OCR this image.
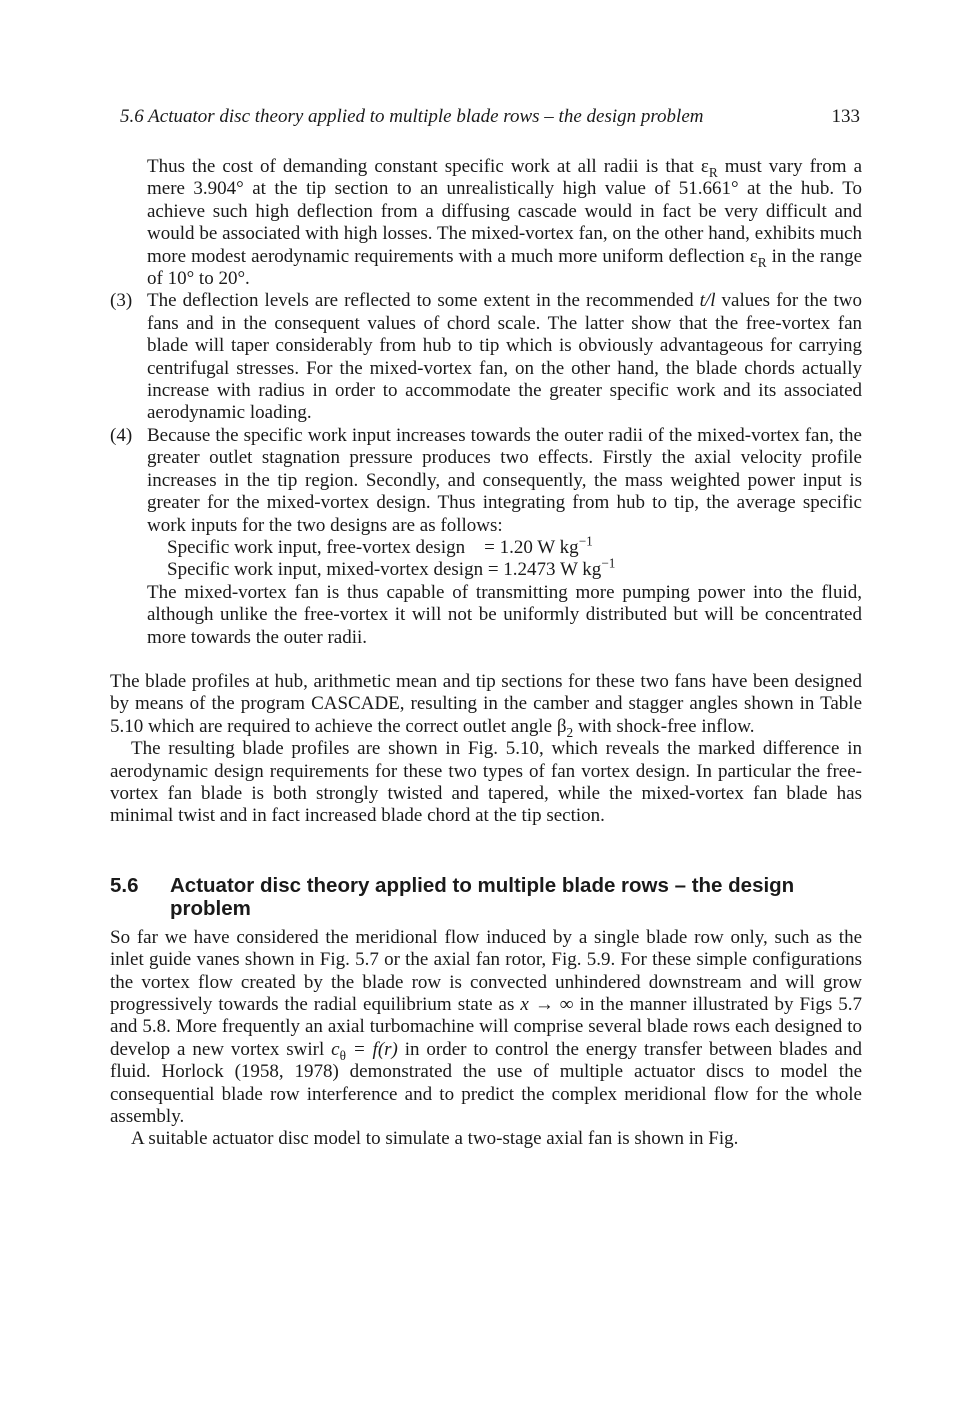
5.6 Actuator disc theory applied to multiple blade rows – the design problem	133

Thus the cost of demanding constant specific work at all radii is that $\varepsilon_R$ must vary from a mere 3.904° at the tip section to an unrealistically high value of 51.661° at the hub. To achieve such high deflection from a diffusing cascade would in fact be very difficult and would be associated with high losses. The mixed-vortex fan, on the other hand, exhibits much more modest aerodynamic requirements with a much more uniform deflection $\varepsilon_R$ in the range of 10° to 20°.

(3) The deflection levels are reflected to some extent in the recommended t/l values for the two fans and in the consequent values of chord scale. The latter show that the free-vortex fan blade will taper considerably from hub to tip which is obviously advantageous for carrying centrifugal stresses. For the mixed-vortex fan, on the other hand, the blade chords actually increase with radius in order to accommodate the greater specific work and its associated aerodynamic loading.

(4) Because the specific work input increases towards the outer radii of the mixed-vortex fan, the greater outlet stagnation pressure produces two effects. Firstly the axial velocity profile increases in the tip region. Secondly, and consequently, the mass weighted power input is greater for the mixed-vortex design. Thus integrating from hub to tip, the average specific work inputs for the two designs are as follows:

Specific work input, free-vortex design    = 1.20 W $kg^{-1}$
Specific work input, mixed-vortex design = 1.2473 W $kg^{-1}$

The mixed-vortex fan is thus capable of transmitting more pumping power into the fluid, although unlike the free-vortex it will not be uniformly distributed but will be concentrated more towards the outer radii.

The blade profiles at hub, arithmetic mean and tip sections for these two fans have been designed by means of the program CASCADE, resulting in the camber and stagger angles shown in Table 5.10 which are required to achieve the correct outlet angle $\beta_2$ with shock-free inflow.

The resulting blade profiles are shown in Fig. 5.10, which reveals the marked difference in aerodynamic design requirements for these two types of fan vortex design. In particular the free-vortex fan blade is both strongly twisted and tapered, while the mixed-vortex fan blade has minimal twist and in fact increased blade chord at the tip section.

5.6 Actuator disc theory applied to multiple blade rows – the design problem

So far we have considered the meridional flow induced by a single blade row only, such as the inlet guide vanes shown in Fig. 5.7 or the axial fan rotor, Fig. 5.9. For these simple configurations the vortex flow created by the blade row is convected unhindered downstream and will grow progressively towards the radial equilibrium state as x → ∞ in the manner illustrated by Figs 5.7 and 5.8. More frequently an axial turbomachine will comprise several blade rows each designed to develop a new vortex swirl $c_\theta = f(r)$ in order to control the energy transfer between blades and fluid. Horlock (1958, 1978) demonstrated the use of multiple actuator discs to model the consequential blade row interference and to predict the complex meridional flow for the whole assembly.

A suitable actuator disc model to simulate a two-stage axial fan is shown in Fig.
